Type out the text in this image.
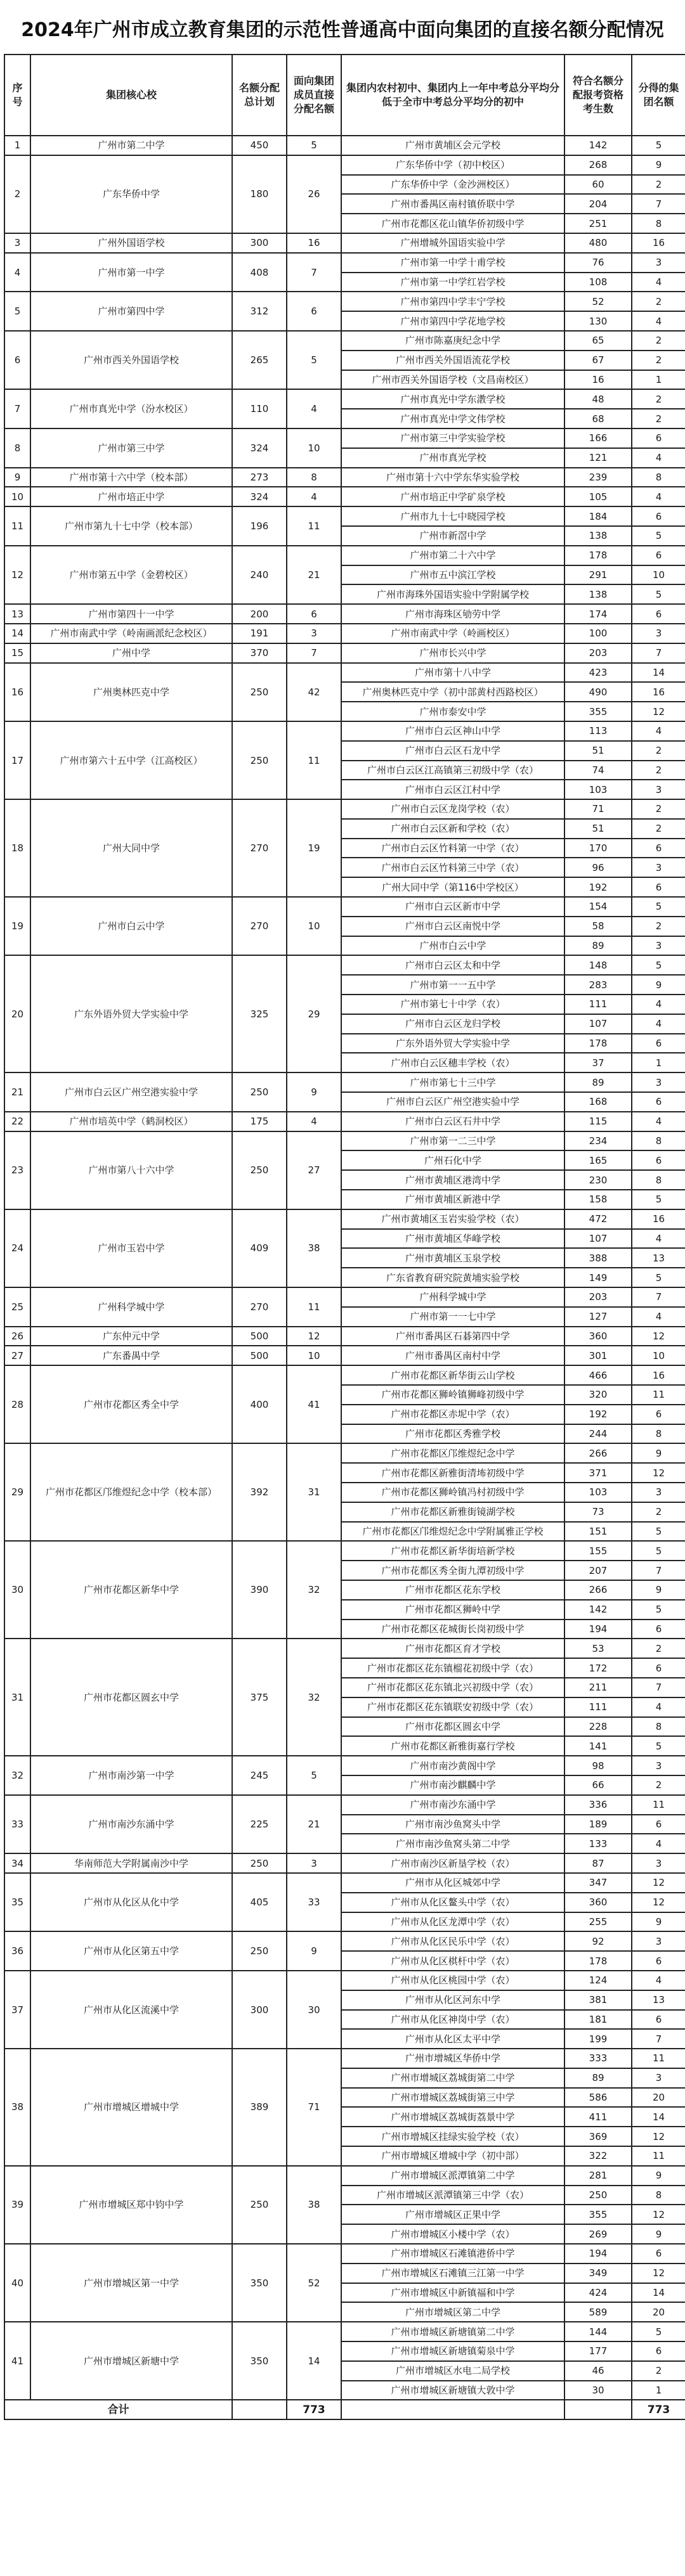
2024年广州市成立教育集团的示范性普通高中面向集团的直接名额分配情况
序号	集团核心校	名额分配总计划	面向集团成员直接分配名额	集团内农村初中、集团内上一年中考总分平均分低于全市中考总分平均分的初中	符合名额分配报考资格考生数	分得的集团名额
1	广州市第二中学	450	5	广州市黄埔区会元学校	142	5
2	广东华侨中学	180	26	广东华侨中学（初中校区）	268	9
				广东华侨中学（金沙洲校区）	60	2
				广州市番禺区南村镇侨联中学	204	7
				广州市花都区花山镇华侨初级中学	251	8
3	广州外国语学校	300	16	广州增城外国语实验中学	480	16
4	广州市第一中学	408	7	广州市第一中学十甫学校	76	3
				广州市第一中学红岩学校	108	4
5	广州市第四中学	312	6	广州市第四中学丰宁学校	52	2
				广州市第四中学花地学校	130	4
6	广州市西关外国语学校	265	5	广州市陈嘉庚纪念中学	65	2
				广州市西关外国语流花学校	67	2
				广州市西关外国语学校（文昌南校区）	16	1
7	广州市真光中学（汾水校区）	110	4	广州市真光中学东漖学校	48	2
				广州市真光中学文伟学校	68	2
8	广州市第三中学	324	10	广州市第三中学实验学校	166	6
				广州市真光学校	121	4
9	广州市第十六中学（校本部）	273	8	广州市第十六中学东华实验学校	239	8
10	广州市培正中学	324	4	广州市培正中学矿泉学校	105	4
11	广州市第九十七中学（校本部）	196	11	广州市九十七中晓园学校	184	6
				广州市新滘中学	138	5
12	广州市第五中学（金碧校区）	240	21	广州市第二十六中学	178	6
				广州市五中滨江学校	291	10
				广州市海珠外国语实验中学附属学校	138	5
13	广州市第四十一中学	200	6	广州市海珠区劬劳中学	174	6
14	广州市南武中学（岭南画派纪念校区）	191	3	广州市南武中学（岭画校区）	100	3
15	广州中学	370	7	广州市长兴中学	203	7
16	广州奥林匹克中学	250	42	广州市第十八中学	423	14
				广州奥林匹克中学（初中部黄村西路校区）	490	16
				广州市泰安中学	355	12
17	广州市第六十五中学（江高校区）	250	11	广州市白云区神山中学	113	4
				广州市白云区石龙中学	51	2
				广州市白云区江高镇第三初级中学（农）	74	2
				广州市白云区江村中学	103	3
18	广州大同中学	270	19	广州市白云区龙岗学校（农）	71	2
				广州市白云区新和学校（农）	51	2
				广州市白云区竹料第一中学（农）	170	6
				广州市白云区竹料第三中学（农）	96	3
				广州大同中学（第116中学校区）	192	6
19	广州市白云中学	270	10	广州市白云区新市中学	154	5
				广州市白云区南悦中学	58	2
				广州市白云中学	89	3
20	广东外语外贸大学实验中学	325	29	广州市白云区太和中学	148	5
				广州市第一一五中学	283	9
				广州市第七十中学（农）	111	4
				广州市白云区龙归学校	107	4
				广东外语外贸大学实验中学	178	6
				广州市白云区穗丰学校（农）	37	1
21	广州市白云区广州空港实验中学	250	9	广州市第七十三中学	89	3
				广州市白云区广州空港实验中学	168	6
22	广州市培英中学（鹤洞校区）	175	4	广州市白云区石井中学	115	4
23	广州市第八十六中学	250	27	广州市第一二三中学	234	8
				广州石化中学	165	6
				广州市黄埔区港湾中学	230	8
				广州市黄埔区新港中学	158	5
24	广州市玉岩中学	409	38	广州市黄埔区玉岩实验学校（农）	472	16
				广州市黄埔区华峰学校	107	4
				广州市黄埔区玉泉学校	388	13
				广东省教育研究院黄埔实验学校	149	5
25	广州科学城中学	270	11	广州科学城中学	203	7
				广州市第一一七中学	127	4
26	广东仲元中学	500	12	广州市番禺区石碁第四中学	360	12
27	广东番禺中学	500	10	广州市番禺区南村中学	301	10
28	广州市花都区秀全中学	400	41	广州市花都区新华街云山学校	466	16
				广州市花都区狮岭镇狮峰初级中学	320	11
				广州市花都区赤坭中学（农）	192	6
				广州市花都区秀雅学校	244	8
29	广州市花都区邝维煜纪念中学（校本部）	392	31	广州市花都区邝维煜纪念中学	266	9
				广州市花都区新雅街清㘵初级中学	371	12
				广州市花都区狮岭镇冯村初级中学	103	3
				广州市花都区新雅街镜湖学校	73	2
				广州市花都区邝维煜纪念中学附属雅正学校	151	5
30	广州市花都区新华中学	390	32	广州市花都区新华街培新学校	155	5
				广州市花都区秀全街九潭初级中学	207	7
				广州市花都区花东学校	266	9
				广州市花都区狮岭中学	142	5
				广州市花都区花城街长岗初级中学	194	6
31	广州市花都区圆玄中学	375	32	广州市花都区育才学校	53	2
				广州市花都区花东镇榴花初级中学（农）	172	6
				广州市花都区花东镇北兴初级中学（农）	211	7
				广州市花都区花东镇联安初级中学（农）	111	4
				广州市花都区圆玄中学	228	8
				广州市花都区新雅街嘉行学校	141	5
32	广州市南沙第一中学	245	5	广州市南沙黄阁中学	98	3
				广州市南沙麒麟中学	66	2
33	广州市南沙东涌中学	225	21	广州市南沙东涌中学	336	11
				广州市南沙鱼窝头中学	189	6
				广州市南沙鱼窝头第二中学	133	4
34	华南师范大学附属南沙中学	250	3	广州市南沙区新垦学校（农）	87	3
35	广州市从化区从化中学	405	33	广州市从化区城郊中学	347	12
				广州市从化区鳌头中学（农）	360	12
				广州市从化区龙潭中学（农）	255	9
36	广州市从化区第五中学	250	9	广州市从化区民乐中学（农）	92	3
				广州市从化区棋杆中学（农）	178	6
37	广州市从化区流溪中学	300	30	广州市从化区桃园中学（农）	124	4
				广州市从化区河东中学	381	13
				广州市从化区神岗中学（农）	181	6
				广州市从化区太平中学	199	7
38	广州市增城区增城中学	389	71	广州市增城区华侨中学	333	11
				广州市增城区荔城街第二中学	89	3
				广州市增城区荔城街第三中学	586	20
				广州市增城区荔城街荔景中学	411	14
				广州市增城区挂绿实验学校（农）	369	12
				广州市增城区增城中学（初中部）	322	11
39	广州市增城区郑中钧中学	250	38	广州市增城区派潭镇第二中学	281	9
				广州市增城区派潭镇第三中学（农）	250	8
				广州市增城区正果中学	355	12
				广州市增城区小楼中学（农）	269	9
40	广州市增城区第一中学	350	52	广州市增城区石滩镇港侨中学	194	6
				广州市增城区石滩镇三江第一中学	349	12
				广州市增城区中新镇福和中学	424	14
				广州市增城区第二中学	589	20
41	广州市增城区新塘中学	350	14	广州市增城区新塘镇第二中学	144	5
				广州市增城区新塘镇菊泉中学	177	6
				广州市增城区水电二局学校	46	2
				广州市增城区新塘镇大敦中学	30	1
合计			773			773
